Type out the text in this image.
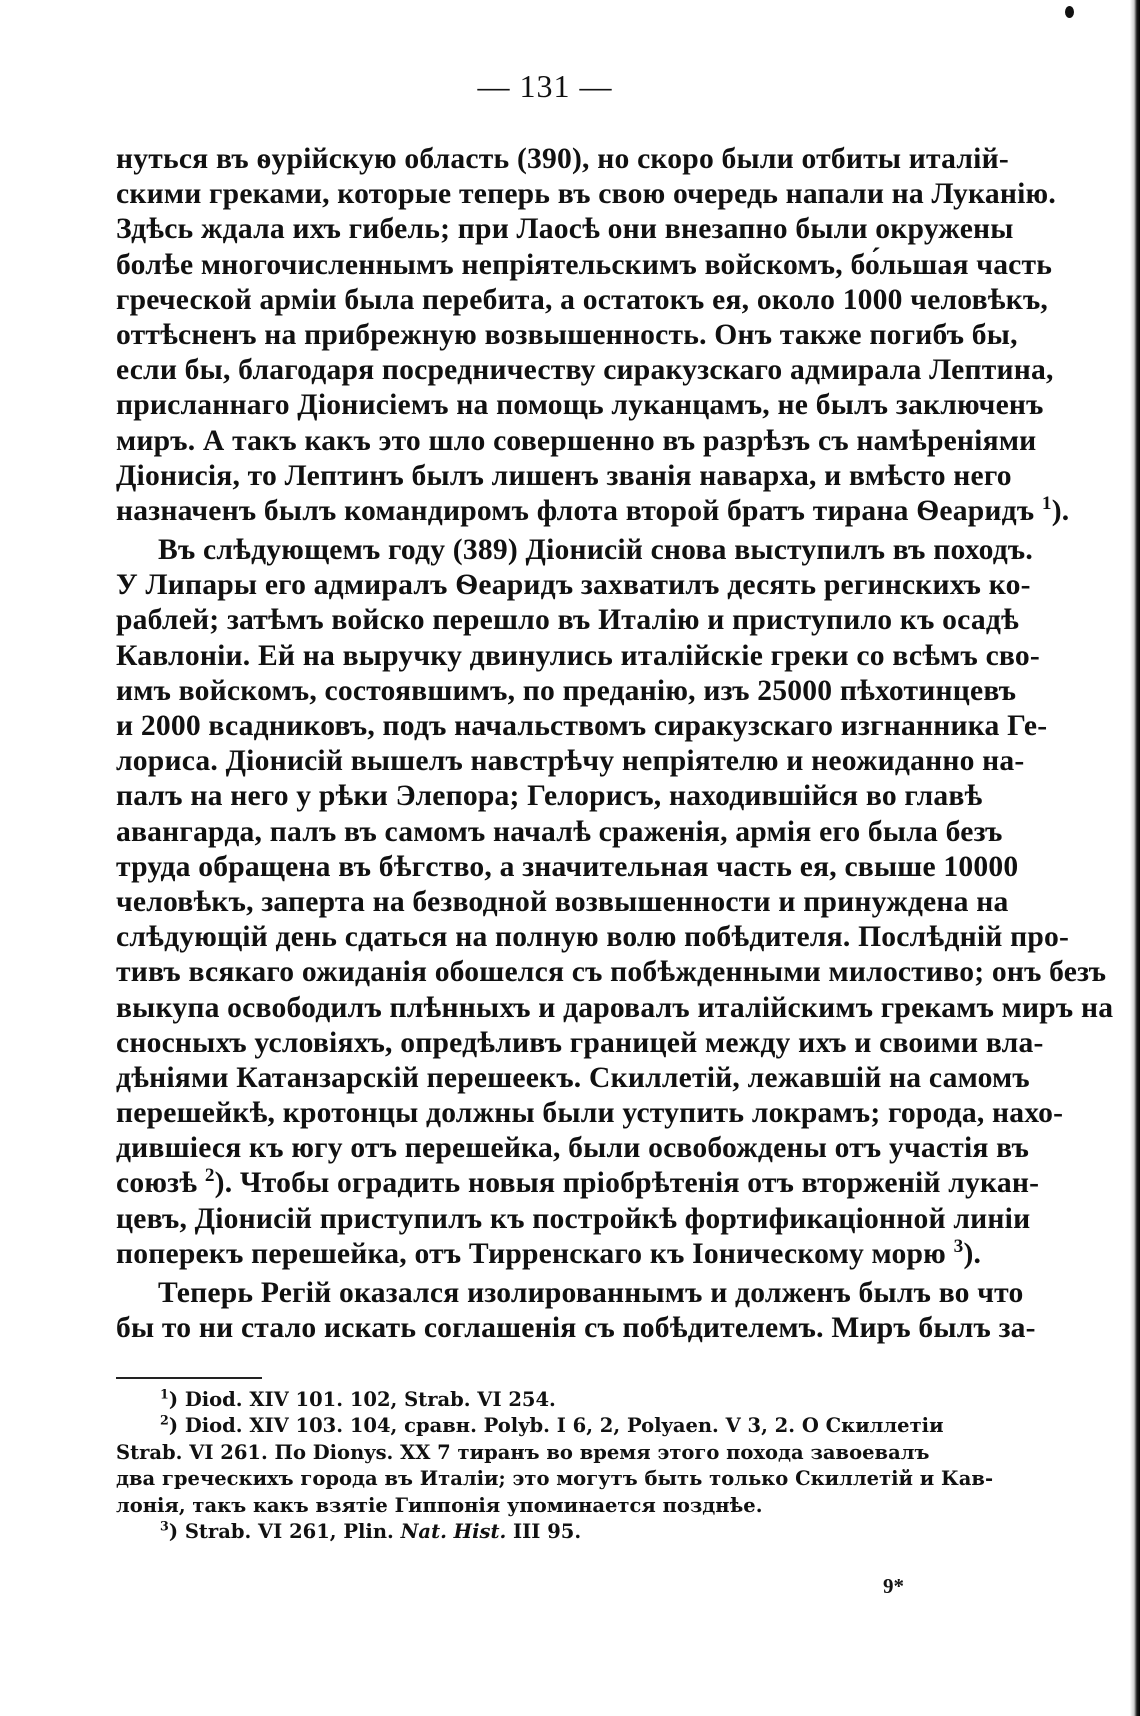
— 131 —
нуться въ ѳурійскую область (390), но скоро были отбиты италій-
скими греками, которые теперь въ свою очередь напали на Луканію.
Здѣсь ждала ихъ гибель; при Лаосѣ они внезапно были окружены
болѣе многочисленнымъ непріятельскимъ войскомъ, бо́льшая часть
греческой арміи была перебита, а остатокъ ея, около 1000 человѣкъ,
оттѣсненъ на прибрежную возвышенность. Онъ также погибъ бы,
если бы, благодаря посредничеству сиракузскаго адмирала Лептина,
присланнаго Діонисіемъ на помощь луканцамъ, не былъ заключенъ
миръ. А такъ какъ это шло совершенно въ разрѣзъ съ намѣреніями
Діонисія, то Лептинъ былъ лишенъ званія наварха, и вмѣсто него
назначенъ былъ командиромъ флота второй братъ тирана Ѳеаридъ $^1$).
Въ слѣдующемъ году (389) Діонисій снова выступилъ въ походъ.
У Липары его адмиралъ Ѳеаридъ захватилъ десять регинскихъ ко-
раблей; затѣмъ войско перешло въ Италію и приступило къ осадѣ
Кавлоніи. Ей на выручку двинулись италійскіе греки со всѣмъ сво-
имъ войскомъ, состоявшимъ, по преданію, изъ 25000 пѣхотинцевъ
и 2000 всадниковъ, подъ начальствомъ сиракузскаго изгнанника Ге-
лориса. Діонисій вышелъ навстрѣчу непріятелю и неожиданно на-
палъ на него у рѣки Элепора; Гелорисъ, находившійся во главѣ
авангарда, палъ въ самомъ началѣ сраженія, армія его была безъ
труда обращена въ бѣгство, а значительная часть ея, свыше 10000
человѣкъ, заперта на безводной возвышенности и принуждена на
слѣдующій день сдаться на полную волю побѣдителя. Послѣдній про-
тивъ всякаго ожиданія обошелся съ побѣжденными милостиво; онъ безъ
выкупа освободилъ плѣнныхъ и даровалъ италійскимъ грекамъ миръ на
сносныхъ условіяхъ, опредѣливъ границей между ихъ и своими вла-
дѣніями Катанзарскій перешеекъ. Скиллетій, лежавшій на самомъ
перешейкѣ, кротонцы должны были уступить локрамъ; города, нахо-
дившіеся къ югу отъ перешейка, были освобождены отъ участія въ
союзѣ $^2$). Чтобы оградить новыя пріобрѣтенія отъ вторженій лукан-
цевъ, Діонисій приступилъ къ постройкѣ фортификаціонной линіи
поперекъ перешейка, отъ Тирренскаго къ Іоническому морю $^3$).
Теперь Регій оказался изолированнымъ и долженъ былъ во что
бы то ни стало искать соглашенія съ побѣдителемъ. Миръ былъ за-
$^1$) Diod. XIV 101. 102, Strab. VI 254.
$^2$) Diod. XIV 103. 104, сравн. Polyb. I 6, 2, Polyaen. V 3, 2. О Скиллетіи
Strab. VI 261. По Dionys. XX 7 тиранъ во время этого похода завоевалъ
два греческихъ города въ Италіи; это могутъ быть только Скиллетій и Кав-
лонія, такъ какъ взятіе Гиппонія упоминается позднѣе.
$^3$) Strab. VI 261, Plin. Nat. Hist. III 95.
9*
